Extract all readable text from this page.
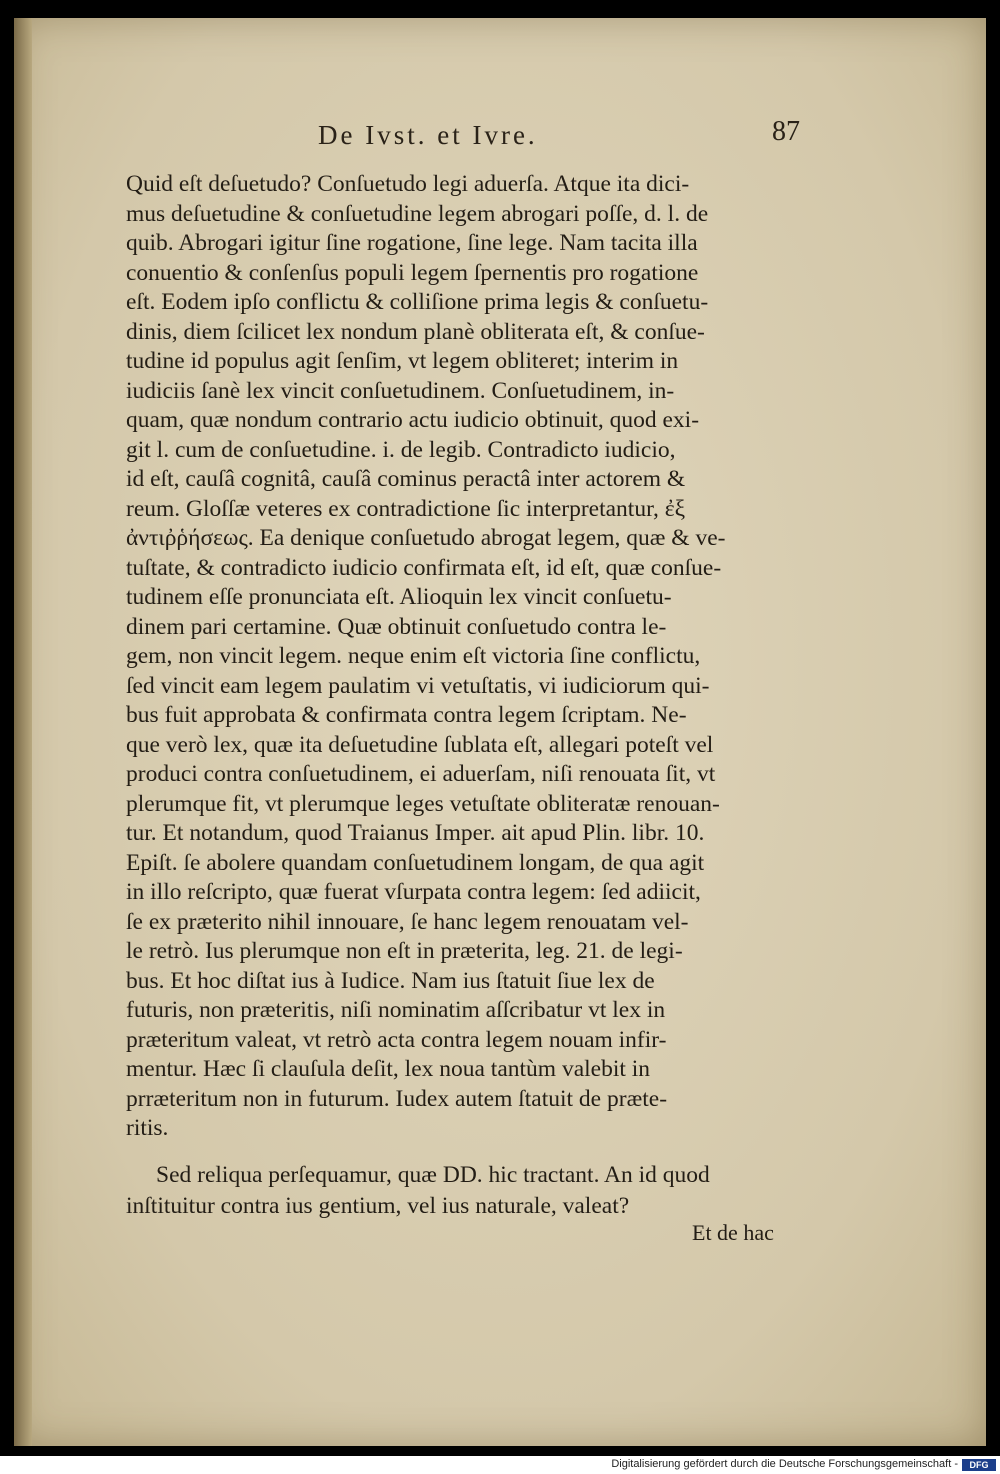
De Ivst. et Ivre.	87
Quid eſt deſuetudo? Conſuetudo legi aduerſa. Atque ita dici-
mus deſuetudine & conſuetudine legem abrogari poſſe, d. l. de
quib. Abrogari igitur ſine rogatione, ſine lege. Nam tacita illa
conuentio & conſenſus populi legem ſpernentis pro rogatione
eſt. Eodem ipſo conflictu & colliſione prima legis & conſuetu-
dinis, diem ſcilicet lex nondum planè obliterata eſt, & conſue-
tudine id populus agit ſenſim, vt legem obliteret; interim in
iudiciis ſanè lex vincit conſuetudinem. Conſuetudinem, in-
quam, quæ nondum contrario actu iudicio obtinuit, quod exi-
git l. cum de conſuetudine. i. de legib. Contradicto iudicio,
id eſt, cauſâ cognitâ, cauſâ cominus peractâ inter actorem &
reum. Gloſſæ veteres ex contradictione ſic interpretantur, ἐξ
ἀντιῤῥήσεως. Ea denique conſuetudo abrogat legem, quæ & ve-
tuſtate, & contradicto iudicio confirmata eſt, id eſt, quæ conſue-
tudinem eſſe pronunciata eſt. Alioquin lex vincit conſuetu-
dinem pari certamine. Quæ obtinuit conſuetudo contra le-
gem, non vincit legem. neque enim eſt victoria ſine conflictu,
ſed vincit eam legem paulatim vi vetuſtatis, vi iudiciorum qui-
bus fuit approbata & confirmata contra legem ſcriptam. Ne-
que verò lex, quæ ita deſuetudine ſublata eſt, allegari poteſt vel
produci contra conſuetudinem, ei aduerſam, niſi renouata ſit, vt
plerumque fit, vt plerumque leges vetuſtate obliteratæ renouan-
tur. Et notandum, quod Traianus Imper. ait apud Plin. libr. 10.
Epiſt. ſe abolere quandam conſuetudinem longam, de qua agit
in illo reſcripto, quæ fuerat vſurpata contra legem: ſed adiicit,
ſe ex præterito nihil innouare, ſe hanc legem renouatam vel-
le retrò. Ius plerumque non eſt in præterita, leg. 21. de legi-
bus. Et hoc diſtat ius à Iudice. Nam ius ſtatuit ſiue lex de
futuris, non præteritis, niſi nominatim aſſcribatur vt lex in
præteritum valeat, vt retrò acta contra legem nouam infir-
mentur. Hæc ſi clauſula deſit, lex noua tantùm valebit in
prræteritum non in futurum. Iudex autem ſtatuit de præte-
ritis.
Sed reliqua perſequamur, quæ DD. hic tractant. An id quod
inſtituitur contra ius gentium, vel ius naturale, valeat?
Et de hac
Digitalisierung gefördert durch die Deutsche Forschungsgemeinschaft -	DFG
